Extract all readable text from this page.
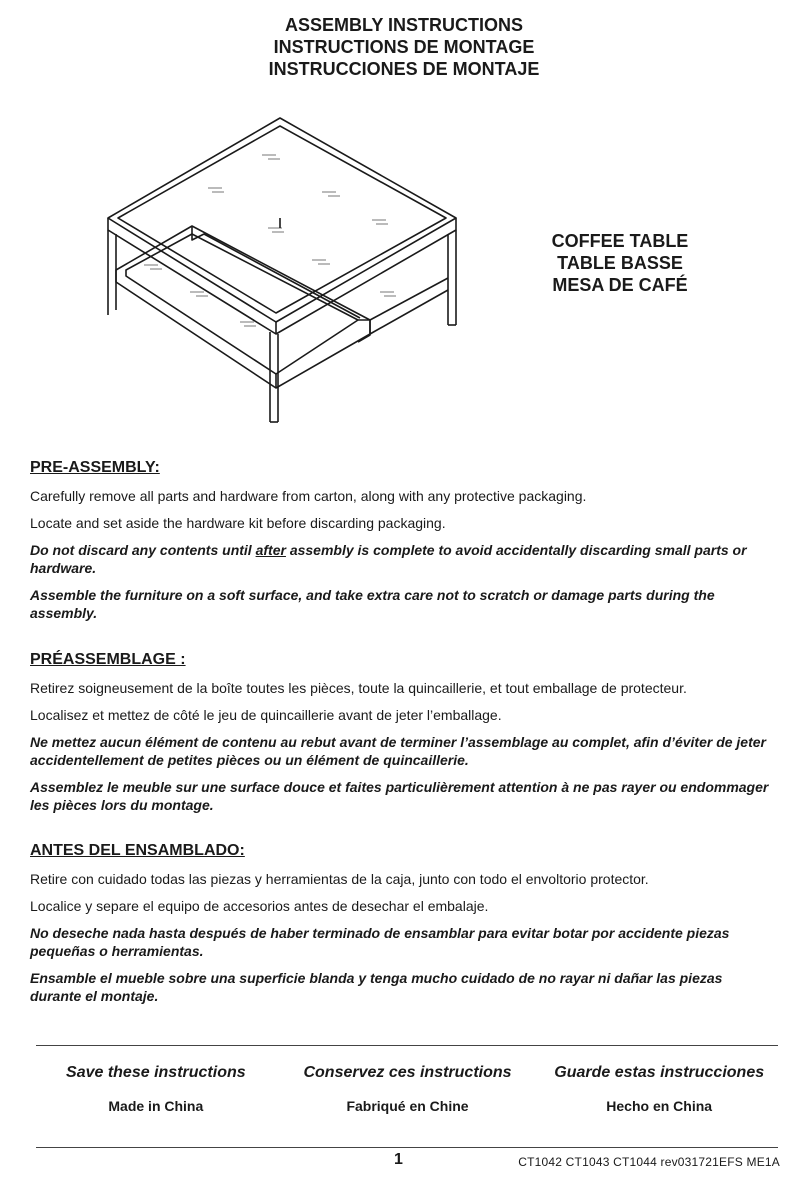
ASSEMBLY INSTRUCTIONS
INSTRUCTIONS DE MONTAGE
INSTRUCCIONES DE MONTAJE
COFFEE TABLE
TABLE BASSE
MESA DE CAFÉ
PRE-ASSEMBLY:

Carefully remove all parts and hardware from carton, along with any protective packaging.

Locate and set aside the hardware kit before discarding packaging.

Do not discard any contents until after assembly is complete to avoid accidentally discarding small parts or hardware.

Assemble the furniture on a soft surface, and take extra care not to scratch or damage parts during the assembly.

PRÉASSEMBLAGE :

Retirez soigneusement de la boîte toutes les pièces, toute la quincaillerie, et tout emballage de protecteur.

Localisez et mettez de côté le jeu de quincaillerie avant de jeter l’emballage.

Ne mettez aucun élément de contenu au rebut avant de terminer l’assemblage au complet, afin d’éviter de jeter accidentellement de petites pièces ou un élément de quincaillerie.

Assemblez le meuble sur une surface douce et faites particulièrement attention à ne pas rayer ou endommager les pièces lors du montage.

ANTES DEL ENSAMBLADO:

Retire con cuidado todas las piezas y herramientas de la caja, junto con todo el envoltorio protector.

Localice y separe el equipo de accesorios antes de desechar el embalaje.

No deseche nada hasta después de haber terminado de ensamblar para evitar botar por accidente piezas pequeñas o herramientas.

Ensamble el mueble sobre una superficie blanda y tenga mucho cuidado de no rayar ni dañar las piezas durante el montaje.

Save these instructions
Made in China
Conservez ces instructions
Fabriqué en Chine
Guarde estas instrucciones
Hecho en China
1	CT1042 CT1043 CT1044 rev031721EFS ME1A
